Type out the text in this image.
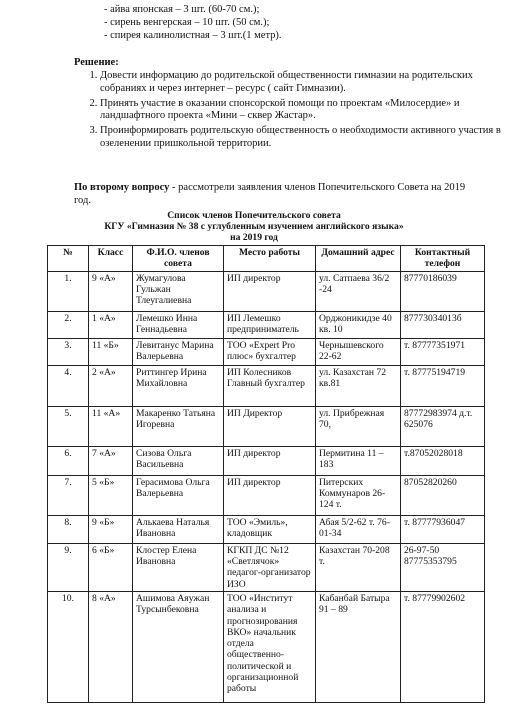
- айва японская – 3 шт. (60-70 см.);
- сирень венгерская – 10 шт. (50 см.);
- спирея калинолистная – 3 шт.(1 метр).
Решение:
1. Довести информацию до родительской общественности гимназии на родительских собраниях и через интернет – ресурс ( сайт Гимназии).
2. Принять участие в оказании спонсорской помощи по проектам «Милосердие» и ландшафтного проекта «Мини – сквер Жастар».
3. Проинформировать родительскую общественность о необходимости активного участия в озеленении пришкольной территории.
По второму вопросу - рассмотрели заявления членов Попечительского Совета на 2019 год.
Список членов Попечительского совета
КГУ «Гимназия № 38 с углубленным изучением английского языка»
на 2019 год
№	Класс	Ф.И.О. членов совета	Место работы	Домашний адрес	Контактный телефон
1.	9 «А»	Жумагулова Гульжан Тлеугалиевна	ИП директор	ул. Сатпаева 36/2 -24	87770186039
2.	1 «А»	Лемешко Инна Геннадьевна	ИП Лемешко предприниматель	Орджоникидзе 40 кв. 10	87773034013б
3.	11 «Б»	Левитанус Марина Валерьевна	ТОО «Expert Pro плюс» бухгалтер	Чернышевского 22-62	т. 87777351971
4.	2 «А»	Риттингер Ирина Михайловна	ИП Колесников Главный бухгалтер	ул. Казахстан 72 кв.81	т. 87775194719
5.	11 «А»	Макаренко Татьяна Игоревна	ИП Директор	ул. Прибрежная 70,	87772983974 д.т. 625076
6.	7 «А»	Сизова Ольга Васильевна	ИП директор	Пермитина 11 – 183	т.87052028018
7.	5 «Б»	Герасимова Ольга Валерьевна	ИП директор	Питерских Коммунаров 26-124 т.	87052820260
8.	9 «Б»	Алькаева Наталья Ивановна	ТОО «Эмиль», кладовщик	Абая 5/2-62 т. 76-01-34	т. 87777936047
9.	6 «Б»	Клостер Елена Ивановна	КГКП ДС №12 «Светлячок» педагог-организатор ИЗО	Казахстан 70-208 т.	26-97-50 87775353795
10.	8 «А»	Ашимова Аяужан Турсынбековна	ТОО «Институт анализа и прогнозирования ВКО» начальник отдела общественно-политической и организационной работы	Кабанбай Батыра 91 – 89	т. 87779902602
